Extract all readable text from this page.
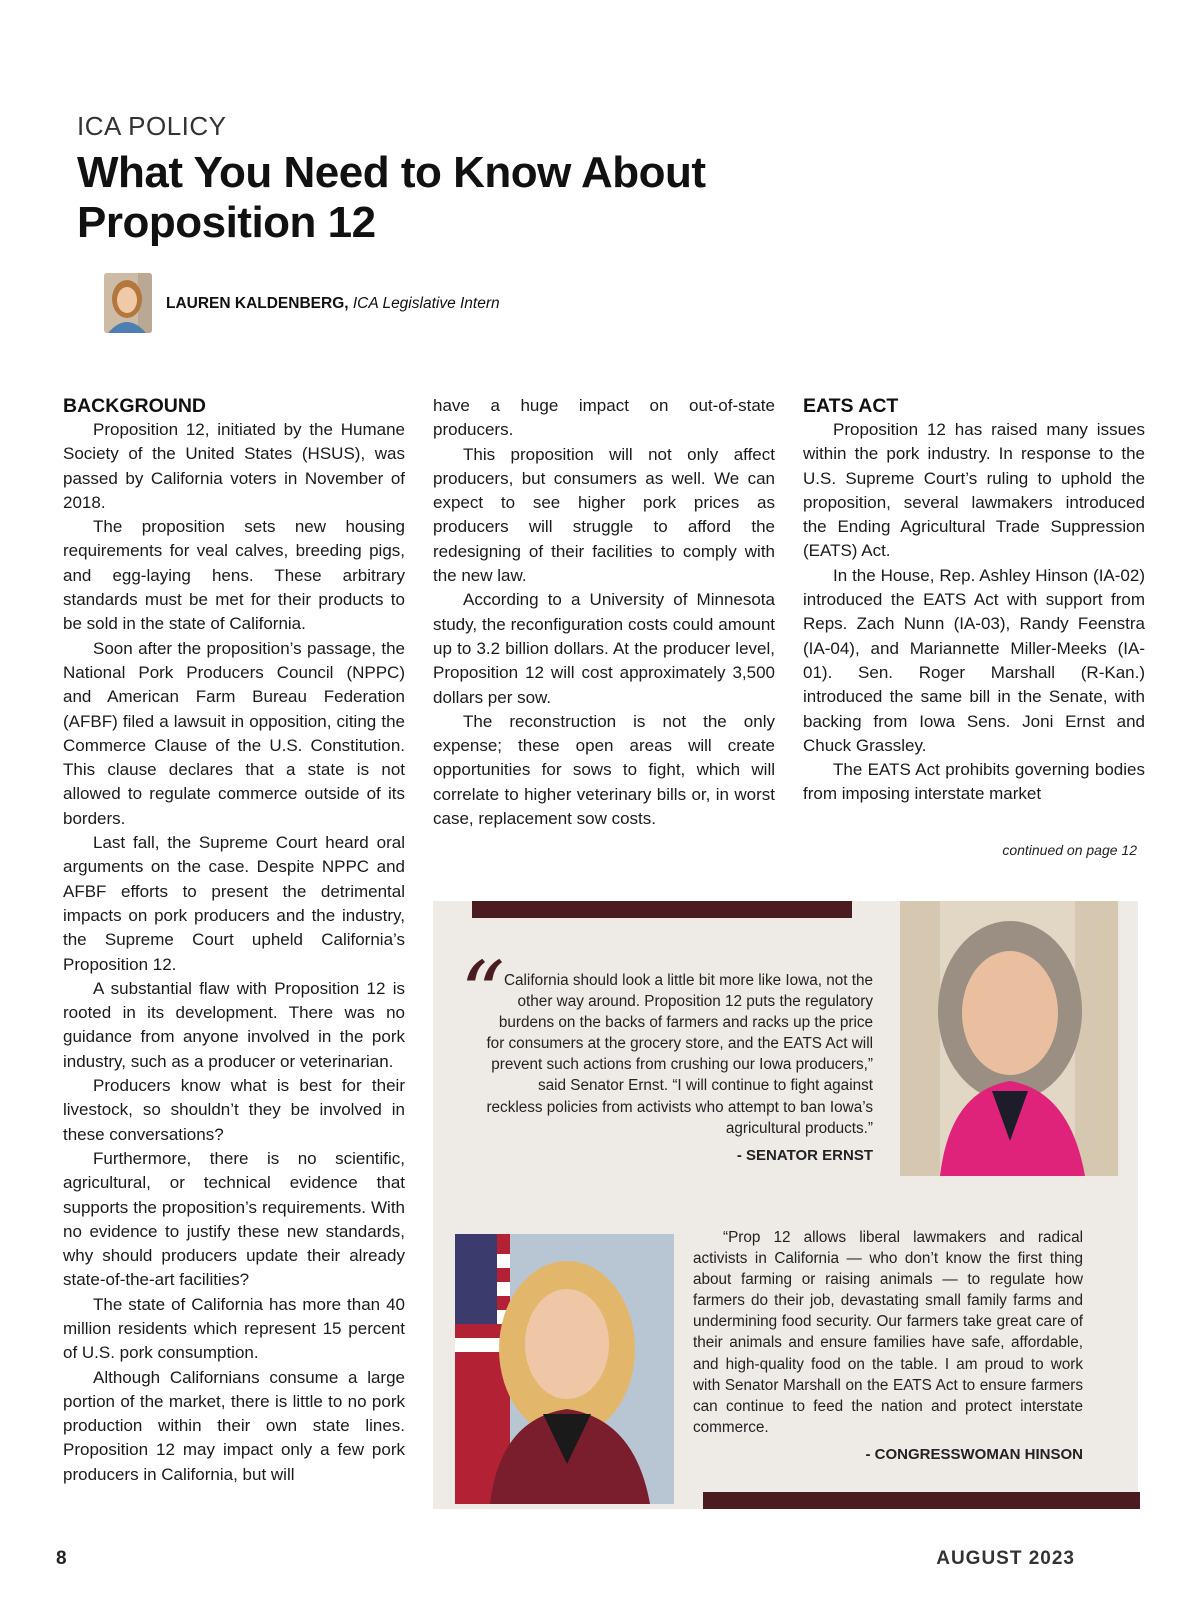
ICA POLICY
What You Need to Know About
Proposition 12
LAUREN KALDENBERG, ICA Legislative Intern
BACKGROUND

Proposition 12, initiated by the Humane Society of the United States (HSUS), was passed by California voters in November of 2018.

The proposition sets new housing requirements for veal calves, breeding pigs, and egg-laying hens. These arbitrary standards must be met for their products to be sold in the state of California.

Soon after the proposition’s passage, the National Pork Producers Council (NPPC) and American Farm Bureau Federation (AFBF) filed a lawsuit in opposition, citing the Commerce Clause of the U.S. Constitution. This clause declares that a state is not allowed to regulate commerce outside of its borders.

Last fall, the Supreme Court heard oral arguments on the case. Despite NPPC and AFBF efforts to present the detrimental impacts on pork producers and the industry, the Supreme Court upheld California’s Proposition 12.

A substantial flaw with Proposition 12 is rooted in its development. There was no guidance from anyone involved in the pork industry, such as a producer or veterinarian.

Producers know what is best for their livestock, so shouldn’t they be involved in these conversations?

Furthermore, there is no scientific, agricultural, or technical evidence that supports the proposition’s requirements. With no evidence to justify these new standards, why should producers update their already state-of-the-art facilities?

The state of California has more than 40 million residents which represent 15 percent of U.S. pork consumption.

Although Californians consume a large portion of the market, there is little to no pork production within their own state lines. Proposition 12 may impact only a few pork producers in California, but will

have a huge impact on out-of-state producers.

This proposition will not only affect producers, but consumers as well. We can expect to see higher pork prices as producers will struggle to afford the redesigning of their facilities to comply with the new law.

According to a University of Minnesota study, the reconfiguration costs could amount up to 3.2 billion dollars. At the producer level, Proposition 12 will cost approximately 3,500 dollars per sow.

The reconstruction is not the only expense; these open areas will create opportunities for sows to fight, which will correlate to higher veterinary bills or, in worst case, replacement sow costs.

EATS ACT

Proposition 12 has raised many issues within the pork industry. In response to the U.S. Supreme Court’s ruling to uphold the proposition, several lawmakers introduced the Ending Agricultural Trade Suppression (EATS) Act.

In the House, Rep. Ashley Hinson (IA-02) introduced the EATS Act with support from Reps. Zach Nunn (IA-03), Randy Feenstra (IA-04), and Mariannette Miller-Meeks (IA-01). Sen. Roger Marshall (R-Kan.) introduced the same bill in the Senate, with backing from Iowa Sens. Joni Ernst and Chuck Grassley.

The EATS Act prohibits governing bodies from imposing interstate market

continued on page 12
“
California should look a little bit more like Iowa, not the other way around. Proposition 12 puts the regulatory burdens on the backs of farmers and racks up the price for consumers at the grocery store, and the EATS Act will prevent such actions from crushing our Iowa producers,” said Senator Ernst. “I will continue to fight against reckless policies from activists who attempt to ban Iowa’s agricultural products.”
- SENATOR ERNST

“Prop 12 allows liberal lawmakers and radical activists in California — who don’t know the first thing about farming or raising animals — to regulate how farmers do their job, devastating small family farms and undermining food security. Our farmers take great care of their animals and ensure families have safe, affordable, and high-quality food on the table. I am proud to work with Senator Marshall on the EATS Act to ensure farmers can continue to feed the nation and protect interstate commerce.

- CONGRESSWOMAN HINSON
8	AUGUST 2023
